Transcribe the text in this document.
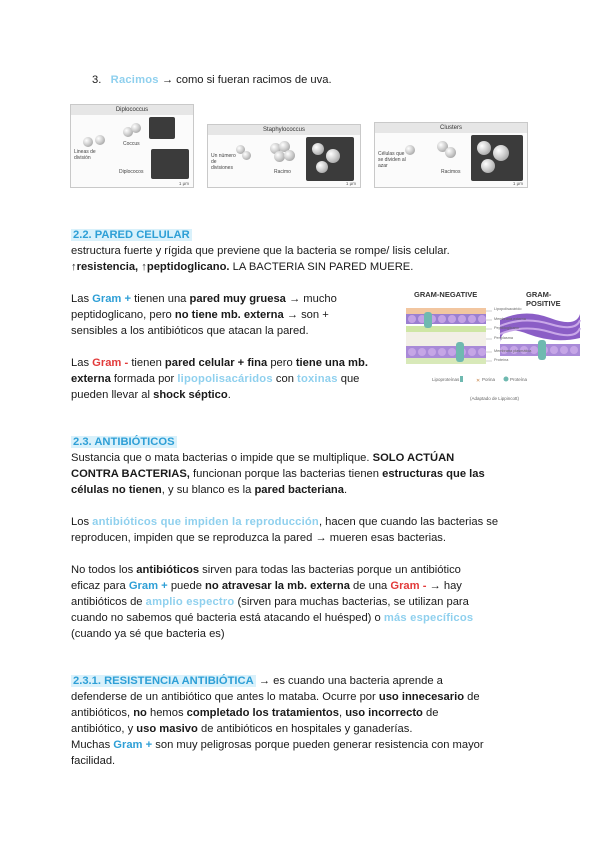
3. Racimos → como si fueran racimos de uva.
Diplococcus
Lineas de división
Coccus
Diplococos
1 μm
Staphylococcus
Un número de divisiones
Racimo
1 μm
Clusters
Células que se dividen al azar
Racimos
1 μm
2.2. PARED CELULAR
estructura fuerte y rígida que previene que la bacteria se rompe/ lisis celular.
↑resistencia, ↑peptidoglicano. LA BACTERIA SIN PARED MUERE.
Las Gram + tienen una pared muy gruesa → mucho
peptidoglicano, pero no tiene mb. externa → son +
sensibles a los antibióticos que atacan la pared.
Las Gram - tienen pared celular + fina pero tiene una mb.
externa formada por lipopolisacáridos con toxinas que
pueden llevar al shock séptico.
GRAM-NEGATIVE	GRAM-POSITIVE
✕
Lipopolisacárido
Membrana externa
Peptidoglicano
Periplasma
Membrana plasmática
Proteína
Lipoproteínas	Porina	Proteína
(Adaptado de Lippincott)
2.3. ANTIBIÓTICOS
Sustancia que o mata bacterias o impide que se multiplique. SOLO ACTÚAN
CONTRA BACTERIAS, funcionan porque las bacterias tienen estructuras que las
células no tienen, y su blanco es la pared bacteriana.
Los antibióticos que impiden la reproducción, hacen que cuando las bacterias se
reproducen, impiden que se reproduzca la pared → mueren esas bacterias.
No todos los antibióticos sirven para todas las bacterias porque un antibiótico
eficaz para Gram + puede no atravesar la mb. externa de una Gram - → hay
antibióticos de amplio espectro (sirven para muchas bacterias, se utilizan para
cuando no sabemos qué bacteria está atacando el huésped) o más específicos
(cuando ya sé que bacteria es)
2.3.1. RESISTENCIA ANTIBIÓTICA → es cuando una bacteria aprende a
defenderse de un antibiótico que antes lo mataba. Ocurre por uso innecesario de
antibióticos, no hemos completado los tratamientos, uso incorrecto de
antibiótico, y uso masivo de antibióticos en hospitales y ganaderías.
Muchas Gram + son muy peligrosas porque pueden generar resistencia con mayor
facilidad.
